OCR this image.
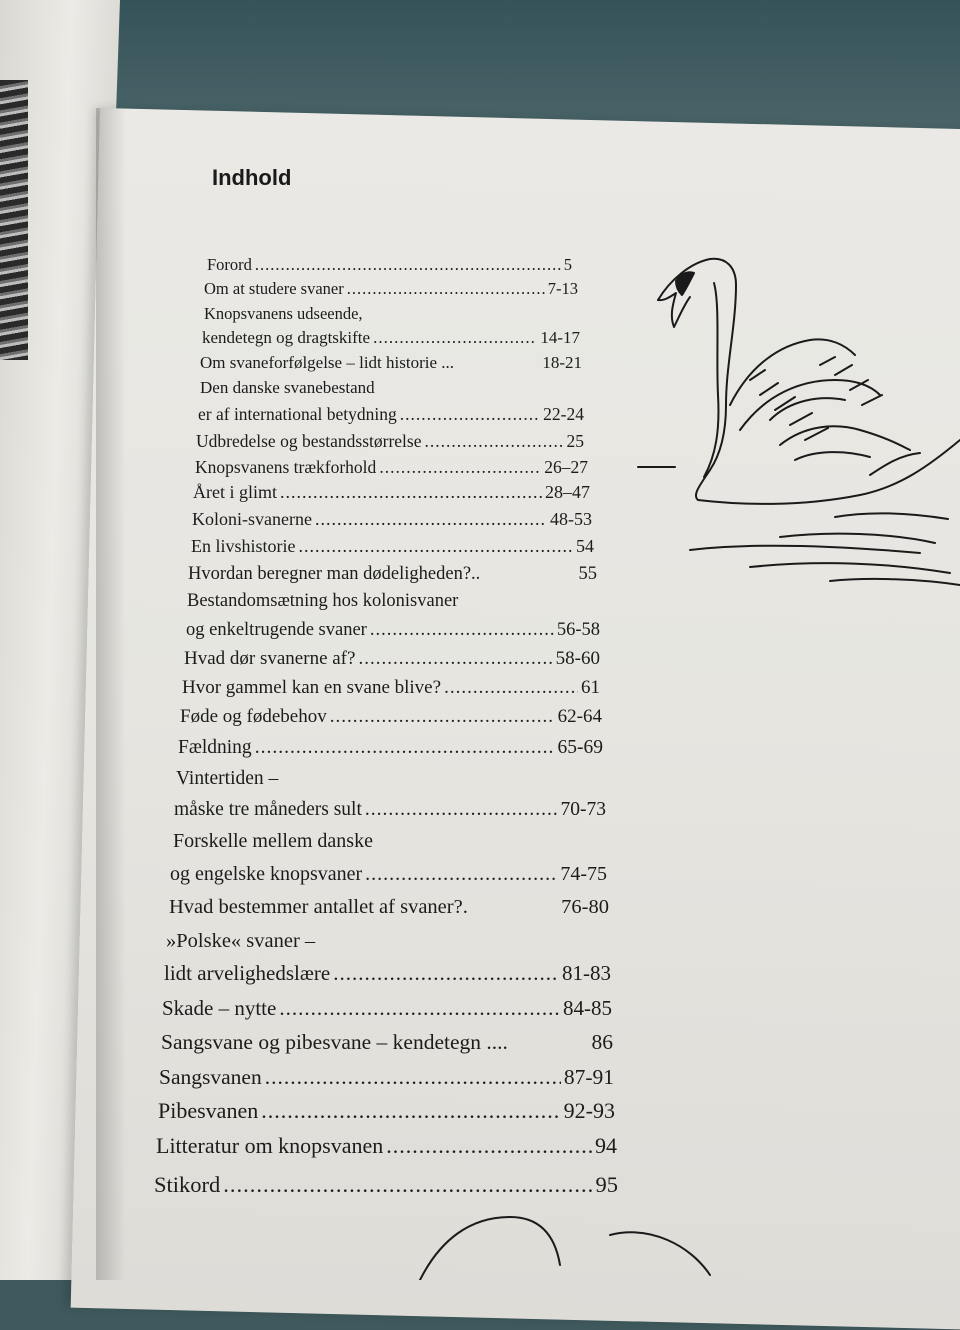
Indhold
Forord .....	5
Om at studere svaner .....	7-13
Knopsvanens udseende,
kendetegn og dragtskifte .....	14-17
Om svaneforfølgelse – lidt historie ...	18-21
Den danske svanebestand
er af international betydning .....	22-24
Udbredelse og bestandsstørrelse .....	25
Knopsvanens trækforhold .....	26–27
Året i glimt .....	28–47
Koloni-svanerne .....	48-53
En livshistorie .....	54
Hvordan beregner man dødeligheden?..	55
Bestandomsætning hos kolonisvaner
og enkeltrugende svaner .....	56-58
Hvad dør svanerne af? .....	58-60
Hvor gammel kan en svane blive? .....	61
Føde og fødebehov .....	62-64
Fældning .....	65-69
Vintertiden –
måske tre måneders sult .....	70-73
Forskelle mellem danske
og engelske knopsvaner .....	74-75
Hvad bestemmer antallet af svaner?.	76-80
»Polske« svaner –
lidt arvelighedslære .....	81-83
Skade – nytte .....	84-85
Sangsvane og pibesvane – kendetegn ....	86
Sangsvanen .....	87-91
Pibesvanen .....	92-93
Litteratur om knopsvanen .....	94
Stikord .....	95
